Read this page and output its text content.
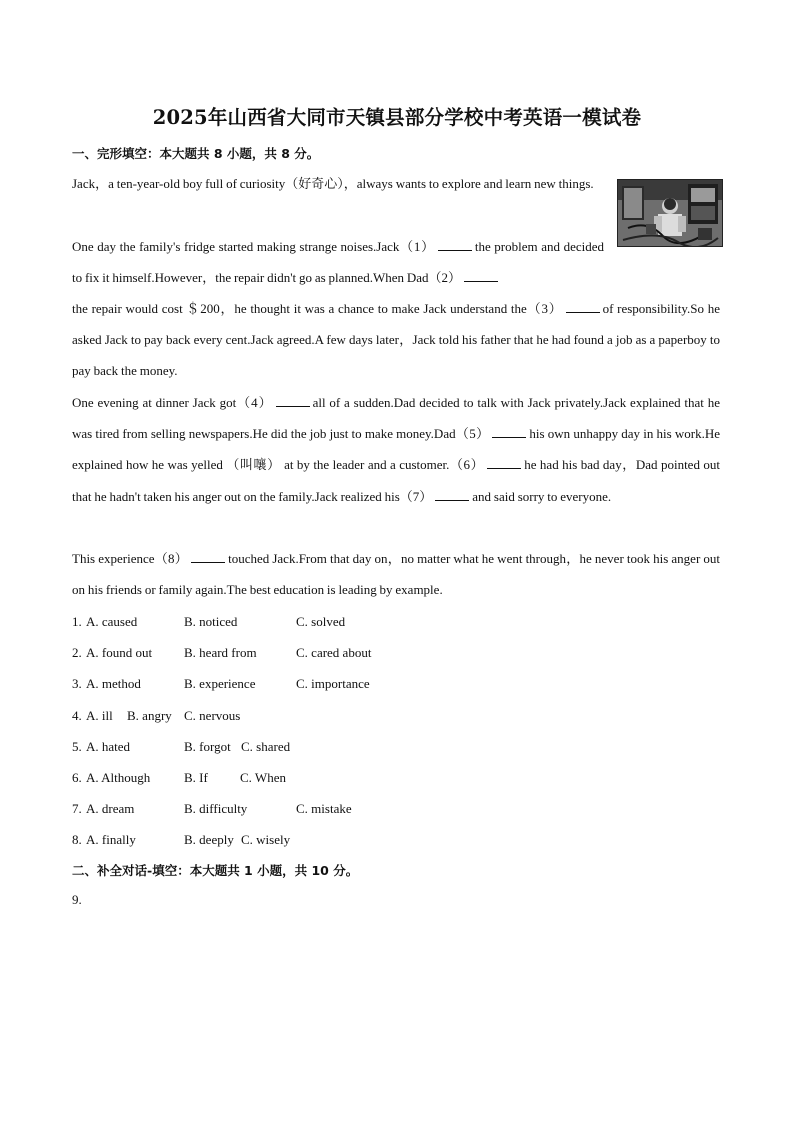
2025年山西省大同市天镇县部分学校中考英语一模试卷
一、完形填空：本大题共 8 小题，共 8 分。
Jack，a ten-year-old boy full of curiosity（好奇心），always wants to explore and learn new things.
One day the family's fridge started making strange noises.Jack（1）	the problem and decided to fix it himself.However，the repair didn't go as planned.When Dad（2）
the repair would cost ＄200，he thought it was a chance to make Jack understand the（3）	of responsibility.So he asked Jack to pay back every cent.Jack agreed.A few days later，Jack told his father that he had found a job as a paperboy to pay back the money.
One evening at dinner Jack got（4）	all of a sudden.Dad decided to talk with Jack privately.Jack explained that he was tired from selling newspapers.He did the job just to make money.Dad（5）	his own unhappy day in his work.He explained how he was yelled （叫嚷） at by the leader and a customer.（6）	he had his bad day，Dad pointed out that he hadn't taken his anger out on the family.Jack realized his（7）	and said sorry to everyone.
This experience（8）	touched Jack.From that day on，no matter what he went through，he never took his anger out on his friends or family again.The best education is leading by example.
1. A. caused	B. noticed	C. solved
2. A. found out B. heard from	C. cared about
3. A. method	B. experience	C. importance
4. A. ill B. angry C. nervous
5. A. hated	B. forgot C. shared
6. A. Although	B. If C. When
7. A. dream	B. difficulty	C. mistake
8. A. finally	B. deeply C. wisely
二、补全对话-填空：本大题共 1 小题，共 10 分。
9.
